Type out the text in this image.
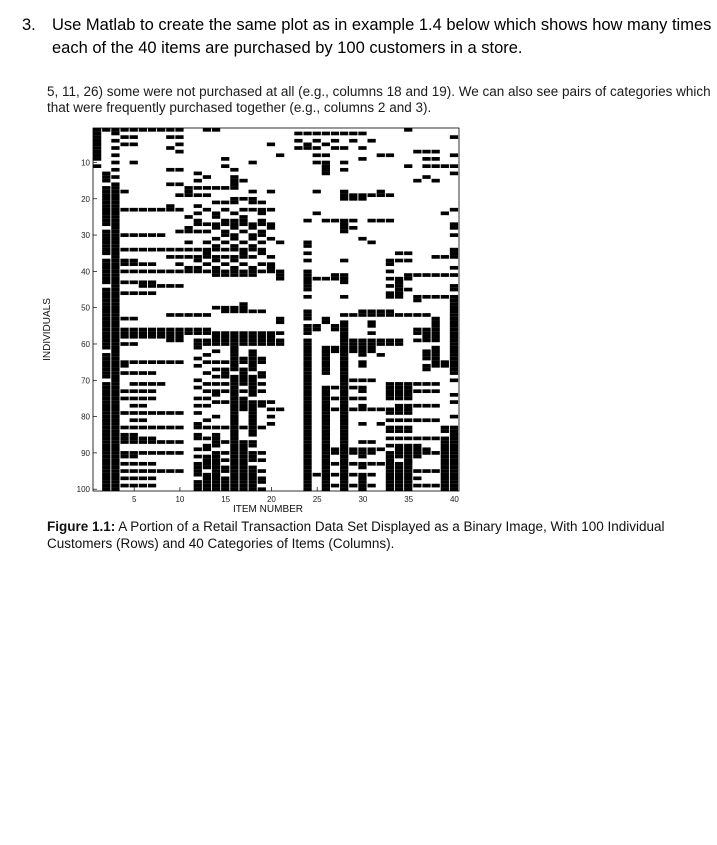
3. Use Matlab to create the same plot as in example 1.4 below which shows how many times each of the 40 items are purchased by 100 customers in a store.
5, 11, 26) some were not purchased at all (e.g., columns 18 and 19). We can also see pairs of categories which that were frequently purchased together (e.g., columns 2 and 3).
10
20
30
40
50
60
70
80
90
100
5	10	15	20	25	30	35	40
ITEM NUMBER
INDIVIDUALS
Figure 1.1: A Portion of a Retail Transaction Data Set Displayed as a Binary Image, With 100 Individual Customers (Rows) and 40 Categories of Items (Columns).
